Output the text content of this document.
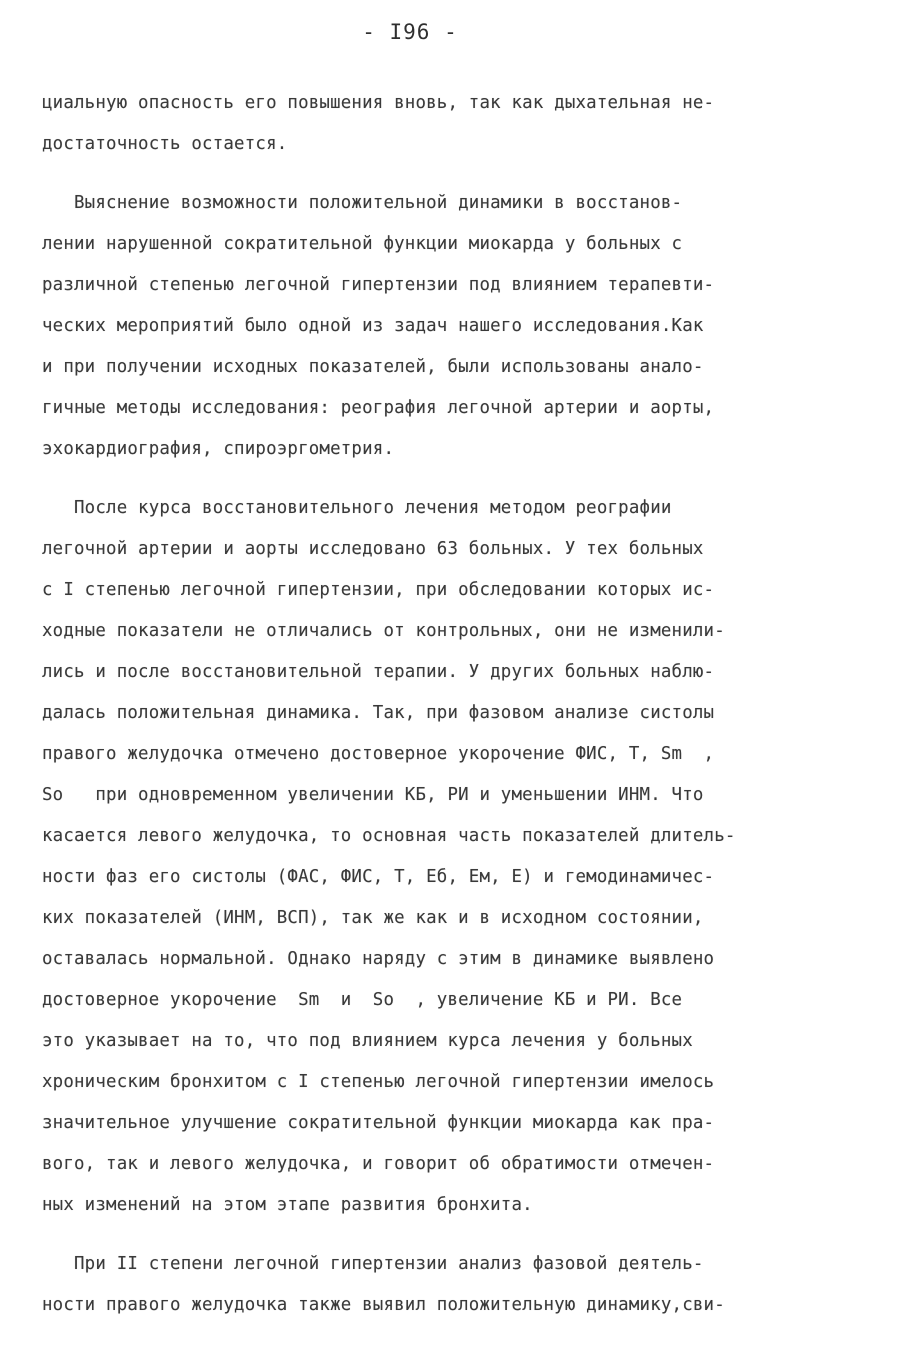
- I96 -
циальную опасность его повышения вновь, так как дыхательная не-
достаточность остается.
Выяснение возможности положительной динамики в восстанов-
лении нарушенной сократительной функции миокарда у больных с
различной степенью легочной гипертензии под влиянием терапевти-
ческих мероприятий было одной из задач нашего исследования.Как
и при получении исходных показателей, были использованы анало-
гичные методы исследования: реография легочной артерии и аорты,
эхокардиография, спироэргометрия.
После курса восстановительного лечения методом реографии
легочной артерии и аорты исследовано 63 больных. У тех больных
с I степенью легочной гипертензии, при обследовании которых ис-
ходные показатели не отличались от контрольных, они не изменили-
лись и после восстановительной терапии. У других больных наблю-
далась положительная динамика. Так, при фазовом анализе систолы
правого желудочка отмечено достоверное укорочение ФИС, Т, Sm  ,
So   при одновременном увеличении КБ, РИ и уменьшении ИНМ. Что
касается левого желудочка, то основная часть показателей длитель-
ности фаз его систолы (ФАС, ФИС, Т, Eб, Eм, E) и гемодинамичес-
ких показателей (ИНМ, ВСП), так же как и в исходном состоянии,
оставалась нормальной. Однако наряду с этим в динамике выявлено
достоверное укорочение  Sm  и  So  , увеличение КБ и РИ. Все
это указывает на то, что под влиянием курса лечения у больных
хроническим бронхитом с I степенью легочной гипертензии имелось
значительное улучшение сократительной функции миокарда как пра-
вого, так и левого желудочка, и говорит об обратимости отмечен-
ных изменений на этом этапе развития бронхита.
При II степени легочной гипертензии анализ фазовой деятель-
ности правого желудочка также выявил положительную динамику,сви-
